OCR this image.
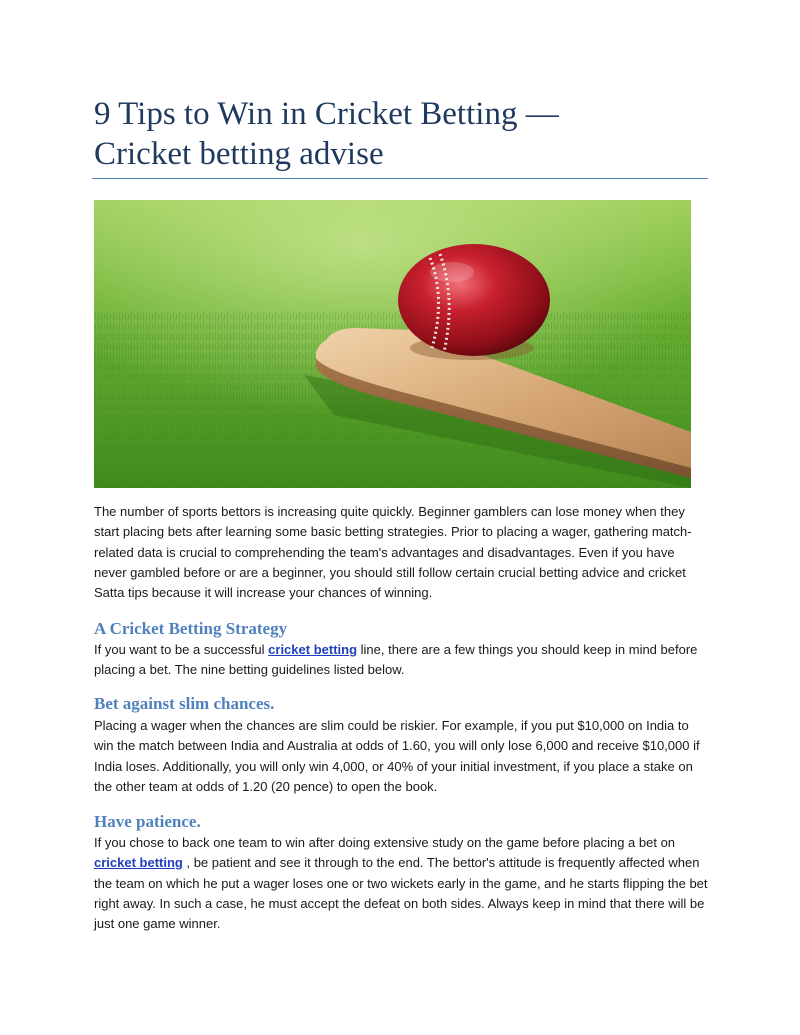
9 Tips to Win in Cricket Betting —
Cricket betting advise

The number of sports bettors is increasing quite quickly. Beginner gamblers can lose money when they start placing bets after learning some basic betting strategies. Prior to placing a wager, gathering match-related data is crucial to comprehending the team's advantages and disadvantages. Even if you have never gambled before or are a beginner, you should still follow certain crucial betting advice and cricket Satta tips because it will increase your chances of winning.

A Cricket Betting Strategy

If you want to be a successful cricket betting line, there are a few things you should keep in mind before placing a bet. The nine betting guidelines listed below.

Bet against slim chances.

Placing a wager when the chances are slim could be riskier. For example, if you put $10,000 on India to win the match between India and Australia at odds of 1.60, you will only lose 6,000 and receive $10,000 if India loses. Additionally, you will only win 4,000, or 40% of your initial investment, if you place a stake on the other team at odds of 1.20 (20 pence) to open the book.

Have patience.

If you chose to back one team to win after doing extensive study on the game before placing a bet on cricket betting , be patient and see it through to the end. The bettor's attitude is frequently affected when the team on which he put a wager loses one or two wickets early in the game, and he starts flipping the bet right away. In such a case, he must accept the defeat on both sides. Always keep in mind that there will be just one game winner.
